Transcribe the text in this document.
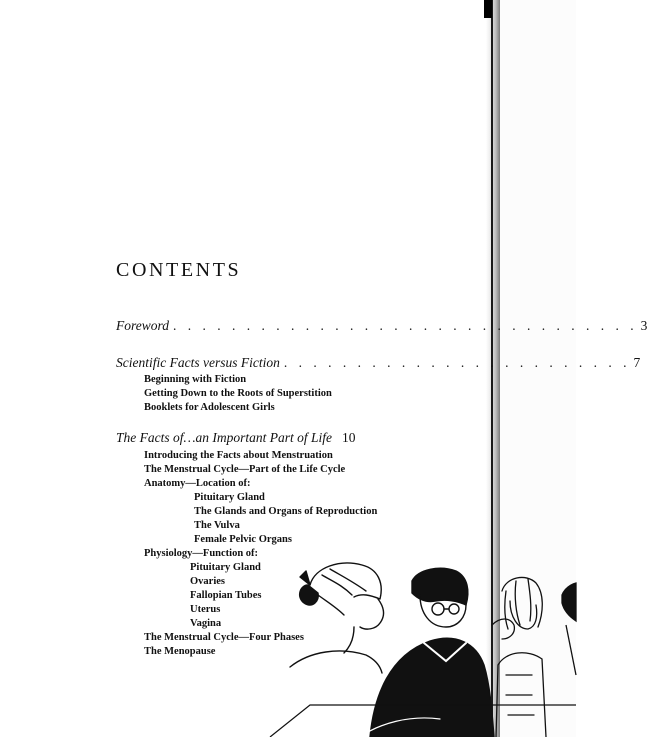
CONTENTS
Foreword . . . . . . . . . . . . . . . . . . . . . . . . . . . . . . . . 3
Scientific Facts versus Fiction . . . . . . . . . . . . . . . . . . . . . . . . 7
Beginning with Fiction
Getting Down to the Roots of Superstition
Booklets for Adolescent Girls
The Facts of…an Important Part of Life 10
Introducing the Facts about Menstruation
The Menstrual Cycle—Part of the Life Cycle
Anatomy—Location of:
Pituitary Gland
The Glands and Organs of Reproduction
The Vulva
Female Pelvic Organs
Physiology—Function of:
Pituitary Gland
Ovaries
Fallopian Tubes
Uterus
Vagina
The Menstrual Cycle—Four Phases
The Menopause
